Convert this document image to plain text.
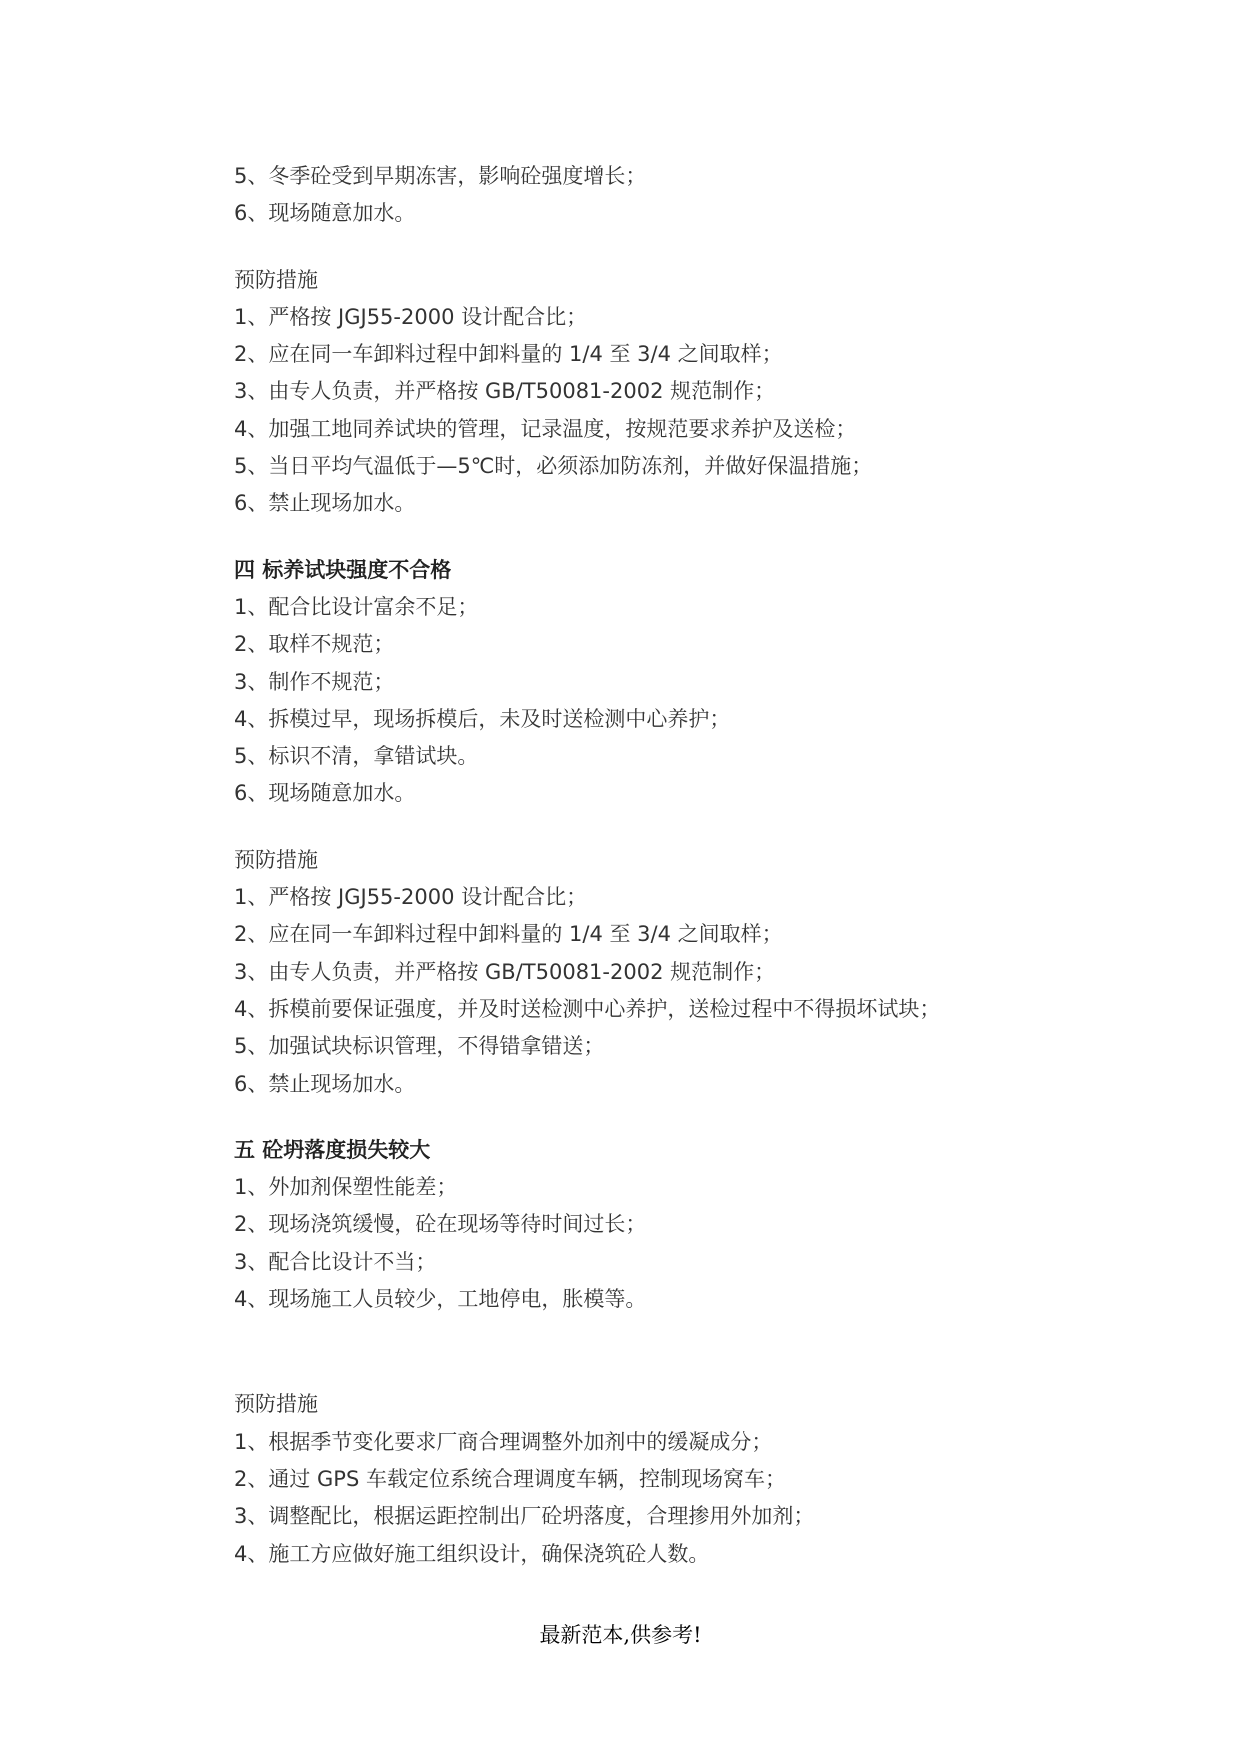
5、冬季砼受到早期冻害，影响砼强度增长；
6、现场随意加水。
预防措施
1、严格按 JGJ55-2000 设计配合比；
2、应在同一车卸料过程中卸料量的 1/4 至 3/4 之间取样；
3、由专人负责，并严格按 GB/T50081-2002 规范制作；
4、加强工地同养试块的管理，记录温度，按规范要求养护及送检；
5、当日平均气温低于—5℃时，必须添加防冻剂，并做好保温措施；
6、禁止现场加水。
四 标养试块强度不合格
1、配合比设计富余不足；
2、取样不规范；
3、制作不规范；
4、拆模过早，现场拆模后，未及时送检测中心养护；
5、标识不清，拿错试块。
6、现场随意加水。
预防措施
1、严格按 JGJ55-2000 设计配合比；
2、应在同一车卸料过程中卸料量的 1/4 至 3/4 之间取样；
3、由专人负责，并严格按 GB/T50081-2002 规范制作；
4、拆模前要保证强度，并及时送检测中心养护，送检过程中不得损坏试块；
5、加强试块标识管理，不得错拿错送；
6、禁止现场加水。
五 砼坍落度损失较大
1、外加剂保塑性能差；
2、现场浇筑缓慢，砼在现场等待时间过长；
3、配合比设计不当；
4、现场施工人员较少，工地停电，胀模等。
预防措施
1、根据季节变化要求厂商合理调整外加剂中的缓凝成分；
2、通过 GPS 车载定位系统合理调度车辆，控制现场窝车；
3、调整配比，根据运距控制出厂砼坍落度，合理掺用外加剂；
4、施工方应做好施工组织设计，确保浇筑砼人数。
最新范本,供参考!
